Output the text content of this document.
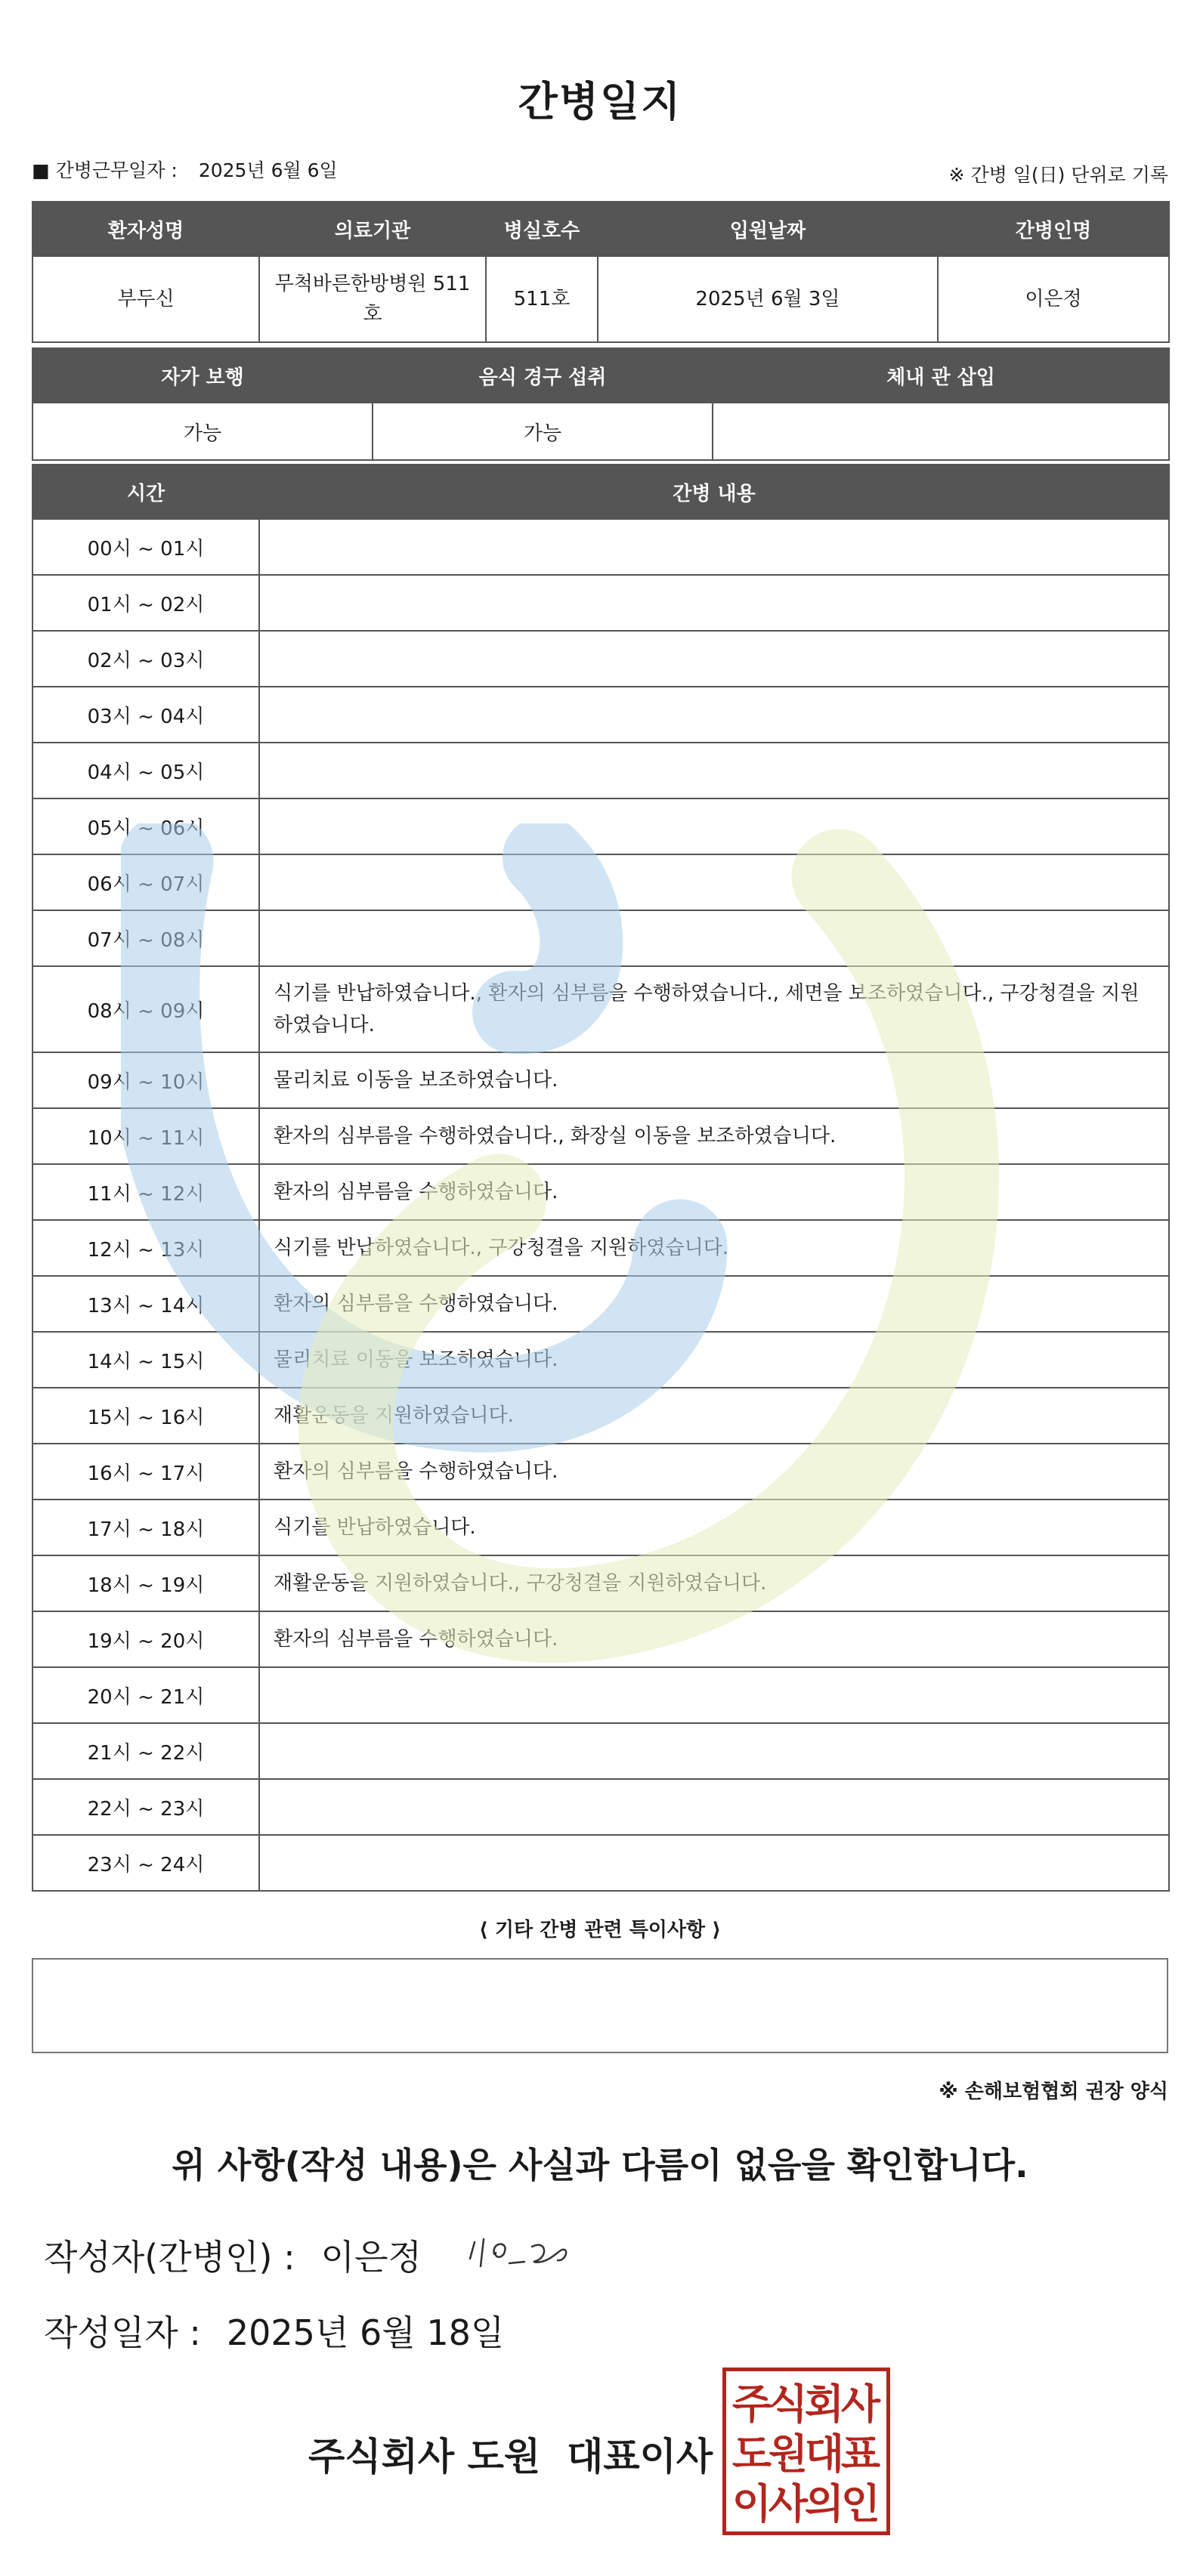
간병일지
■ 간병근무일자 : 2025년 6월 6일	※ 간병 일(日) 단위로 기록
환자성명	의료기관	병실호수	입원날짜	간병인명
부두신	무척바른한방병원 511호	511호	2025년 6월 3일	이은정
자가 보행	음식 경구 섭취	체내 관 삽입
가능	가능	
시간	간병 내용
00시 ~ 01시	
01시 ~ 02시	
02시 ~ 03시	
03시 ~ 04시	
04시 ~ 05시	
05시 ~ 06시	
06시 ~ 07시	
07시 ~ 08시	
08시 ~ 09시	식기를 반납하였습니다., 환자의 심부름을 수행하였습니다., 세면을 보조하였습니다., 구강청결을 지원하였습니다.
09시 ~ 10시	물리치료 이동을 보조하였습니다.
10시 ~ 11시	환자의 심부름을 수행하였습니다., 화장실 이동을 보조하였습니다.
11시 ~ 12시	환자의 심부름을 수행하였습니다.
12시 ~ 13시	식기를 반납하였습니다., 구강청결을 지원하였습니다.
13시 ~ 14시	환자의 심부름을 수행하였습니다.
14시 ~ 15시	물리치료 이동을 보조하였습니다.
15시 ~ 16시	재활운동을 지원하였습니다.
16시 ~ 17시	환자의 심부름을 수행하였습니다.
17시 ~ 18시	식기를 반납하였습니다.
18시 ~ 19시	재활운동을 지원하였습니다., 구강청결을 지원하였습니다.
19시 ~ 20시	환자의 심부름을 수행하였습니다.
20시 ~ 21시	
21시 ~ 22시	
22시 ~ 23시	
23시 ~ 24시	
⟨ 기타 간병 관련 특이사항 ⟩
※ 손해보험협회 권장 양식
위 사항(작성 내용)은 사실과 다름이 없음을 확인합니다.
작성자(간병인) : 이은정
작성일자 : 2025년 6월 18일
주식회사 도원  대표이사
주
식
회
사
도
원
대
표
이
사
의
인
